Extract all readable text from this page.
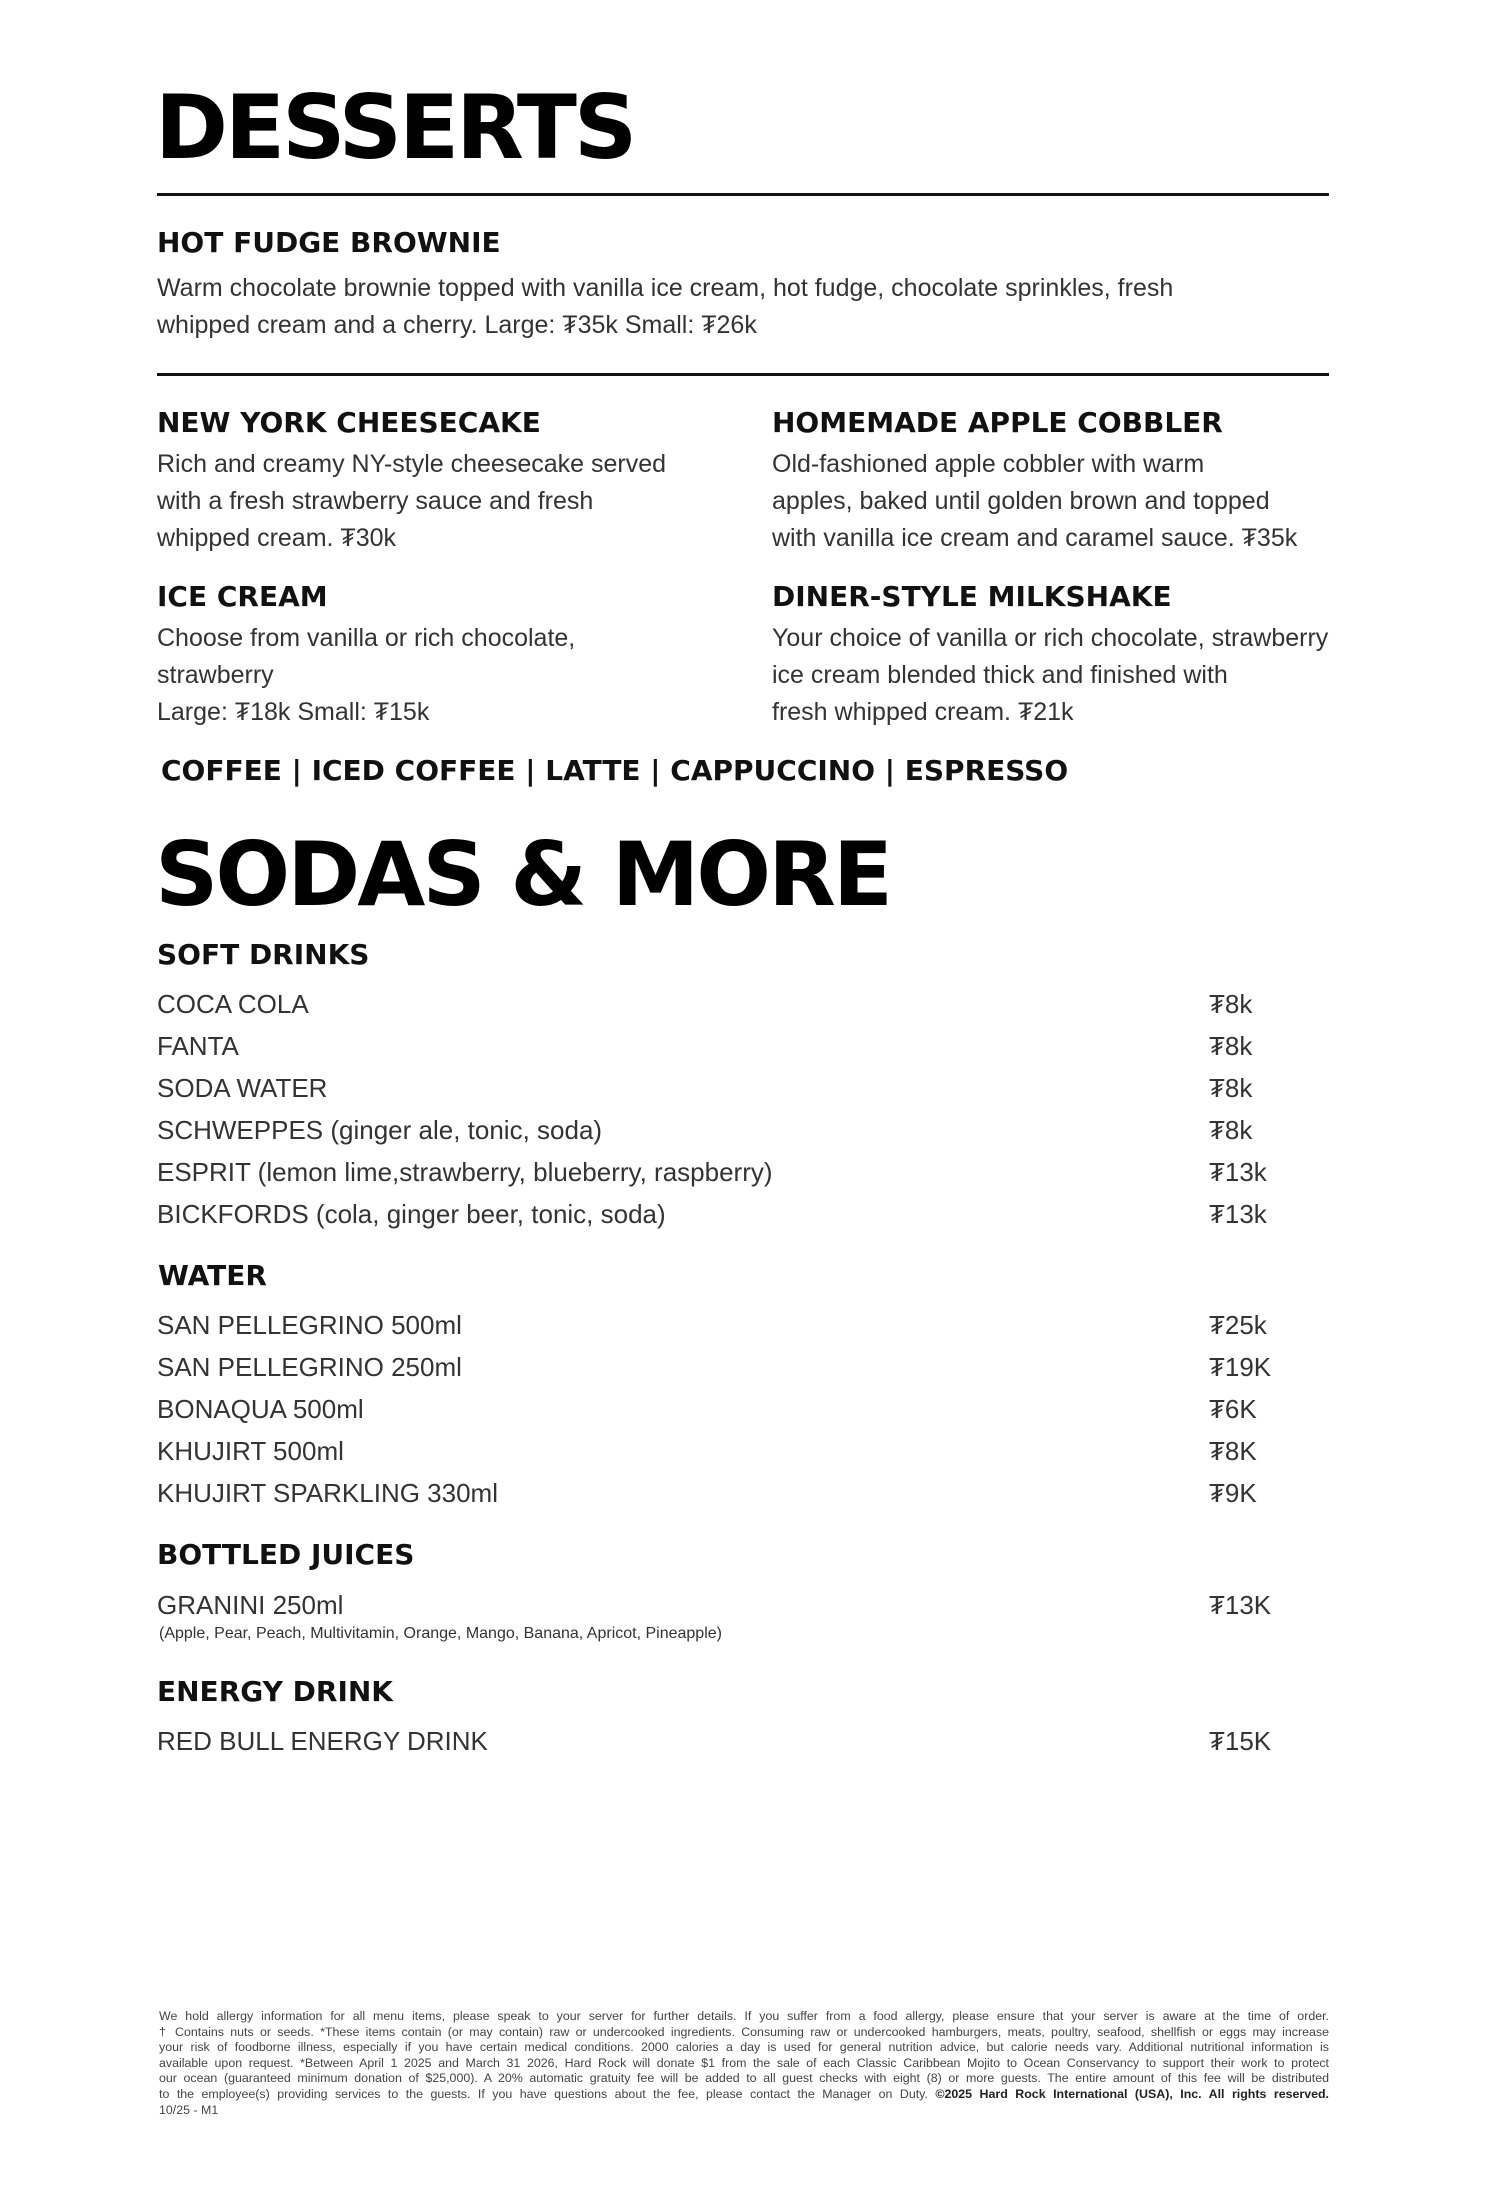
DESSERTS
HOT FUDGE BROWNIE
Warm chocolate brownie topped with vanilla ice cream, hot fudge, chocolate sprinkles, fresh
whipped cream and a cherry. Large: ₮35k Small: ₮26k
NEW YORK CHEESECAKE
Rich and creamy NY-style cheesecake served
with a fresh strawberry sauce and fresh
whipped cream. ₮30k
ICE CREAM
Choose from vanilla or rich chocolate,
strawberry
Large: ₮18k Small: ₮15k
HOMEMADE APPLE COBBLER
Old-fashioned apple cobbler with warm
apples, baked until golden brown and topped
with vanilla ice cream and caramel sauce. ₮35k
DINER-STYLE MILKSHAKE
Your choice of vanilla or rich chocolate, strawberry
ice cream blended thick and finished with
fresh whipped cream. ₮21k
COFFEE | ICED COFFEE | LATTE | CAPPUCCINO | ESPRESSO
SODAS & MORE
SOFT DRINKS
COCA COLA	₮8k
FANTA	₮8k
SODA WATER	₮8k
SCHWEPPES (ginger ale, tonic, soda)	₮8k
ESPRIT (lemon lime,strawberry, blueberry, raspberry)	₮13k
BICKFORDS (cola, ginger beer, tonic, soda)	₮13k
WATER
SAN PELLEGRINO 500ml	₮25k
SAN PELLEGRINO 250ml	₮19K
BONAQUA 500ml	₮6K
KHUJIRT 500ml	₮8K
KHUJIRT SPARKLING 330ml	₮9K
BOTTLED JUICES
GRANINI 250ml	₮13K
(Apple, Pear, Peach, Multivitamin, Orange, Mango, Banana, Apricot, Pineapple)
ENERGY DRINK
RED BULL ENERGY DRINK	₮15K
We hold allergy information for all menu items, please speak to your server for further details. If you suffer from a food allergy, please ensure that your server is aware at the time of order.
† Contains nuts or seeds. *These items contain (or may contain) raw or undercooked ingredients. Consuming raw or undercooked hamburgers, meats, poultry, seafood, shellfish or eggs may increase
your risk of foodborne illness, especially if you have certain medical conditions. 2000 calories a day is used for general nutrition advice, but calorie needs vary. Additional nutritional information is
available upon request. *Between April 1 2025 and March 31 2026, Hard Rock will donate $1 from the sale of each Classic Caribbean Mojito to Ocean Conservancy to support their work to protect
our ocean (guaranteed minimum donation of $25,000). A 20% automatic gratuity fee will be added to all guest checks with eight (8) or more guests. The entire amount of this fee will be distributed
to the employee(s) providing services to the guests. If you have questions about the fee, please contact the Manager on Duty. ©2025 Hard Rock International (USA), Inc. All rights reserved.
10/25 - M1
